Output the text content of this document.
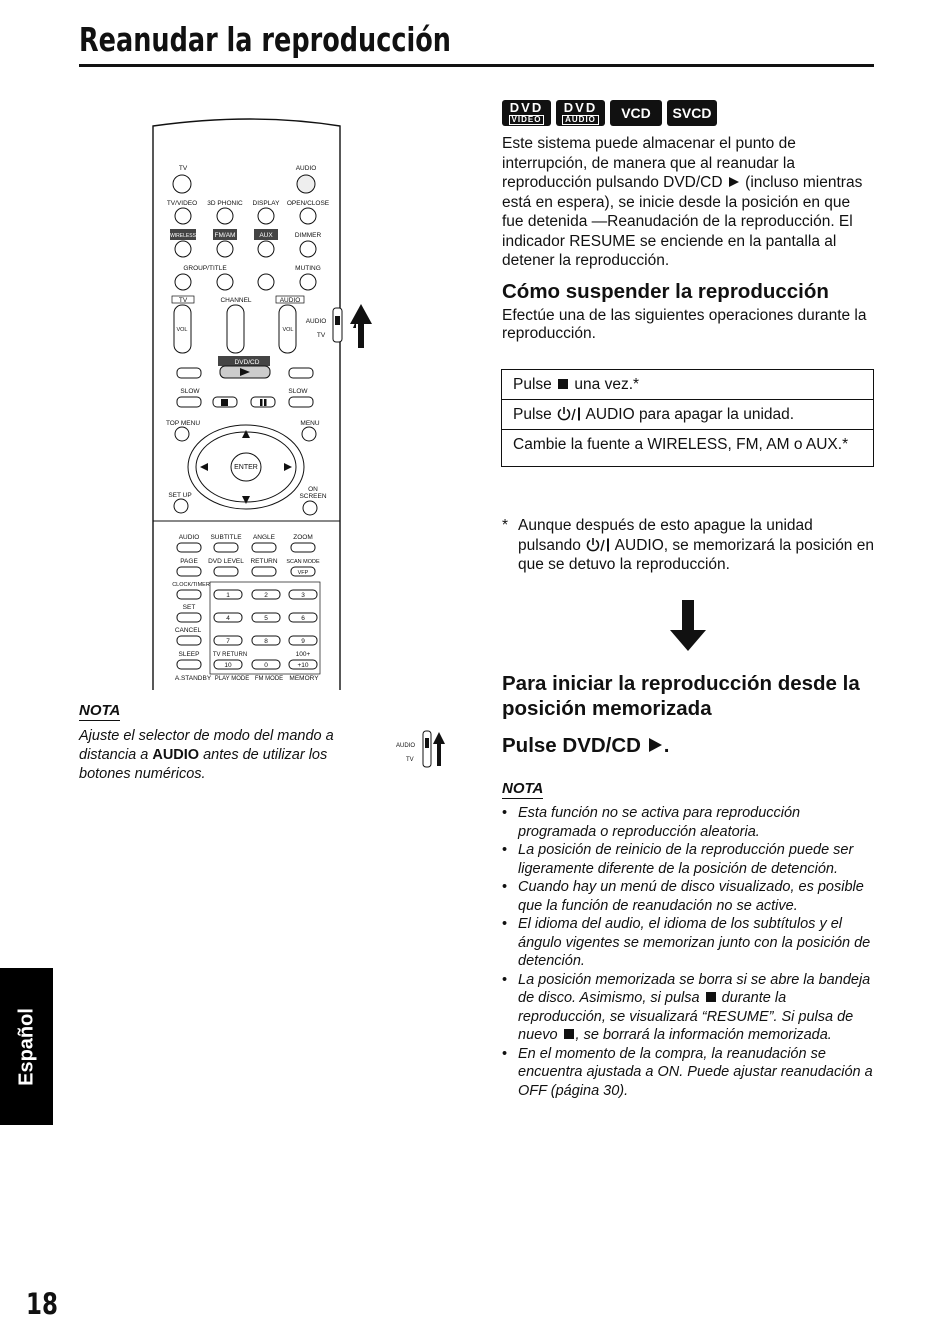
Reanudar la reproducción
TV	AUDIO
TV/VIDEO 3D PHONIC DISPLAY OPEN/CLOSE
WIRELESS	FM/AM	AUX	DIMMER
GROUP/TITLE	MUTING
TV	CHANNEL	AUDIO
VOL	VOL
AUDIO
TV
DVD/CD
SLOW	SLOW
TOP MENU	MENU
ENTER
SET UP
ON
SCREEN
AUDIO SUBTITLE ANGLE	ZOOM
PAGE DVD LEVEL RETURN SCAN MODE
VFP
CLOCK/TIMER
SET
CANCEL
SLEEP TV RETURN	100+
1	2	3
4	5	6
7	8	9
10	0	+10
A.STANDBY PLAY MODE FM MODE MEMORY
NOTA

Ajuste el selector de modo del mando a distancia a AUDIO antes de utilizar los botones numéricos.

AUDIO
TV
DVD
VIDEO
DVD
AUDIO	VCD	SVCD
Este sistema puede almacenar el punto de interrupción, de manera que al reanudar la reproducción pulsando DVD/CD  (incluso mientras está en espera), se inicie desde la posición en que fue detenida —Reanudación de la reproducción. El indicador RESUME se enciende en la pantalla al detener la reproducción.
Cómo suspender la reproducción
Efectúe una de las siguientes operaciones durante la reproducción.
Pulse  una vez.*
Pulse  AUDIO para apagar la unidad.
Cambie la fuente a WIRELESS, FM, AM o AUX.*
* Aunque después de esto apague la unidad pulsando  AUDIO, se memorizará la posición en que se detuvo la reproducción.
Para iniciar la reproducción desde la posición memorizada
Pulse DVD/CD .
NOTA
• Esta función no se activa para reproducción programada o reproducción aleatoria.
• La posición de reinicio de la reproducción puede ser ligeramente diferente de la posición de detención.
• Cuando hay un menú de disco visualizado, es posible que la función de reanudación no se active.
• El idioma del audio, el idioma de los subtítulos y el ángulo vigentes se memorizan junto con la posición de detención.
• La posición memorizada se borra si se abre la bandeja de disco. Asimismo, si pulsa  durante la reproducción, se visualizará “RESUME”. Si pulsa de nuevo , se borrará la información memorizada.
• En el momento de la compra, la reanudación se encuentra ajustada a ON. Puede ajustar reanudación a OFF (página 30).
Español
18
